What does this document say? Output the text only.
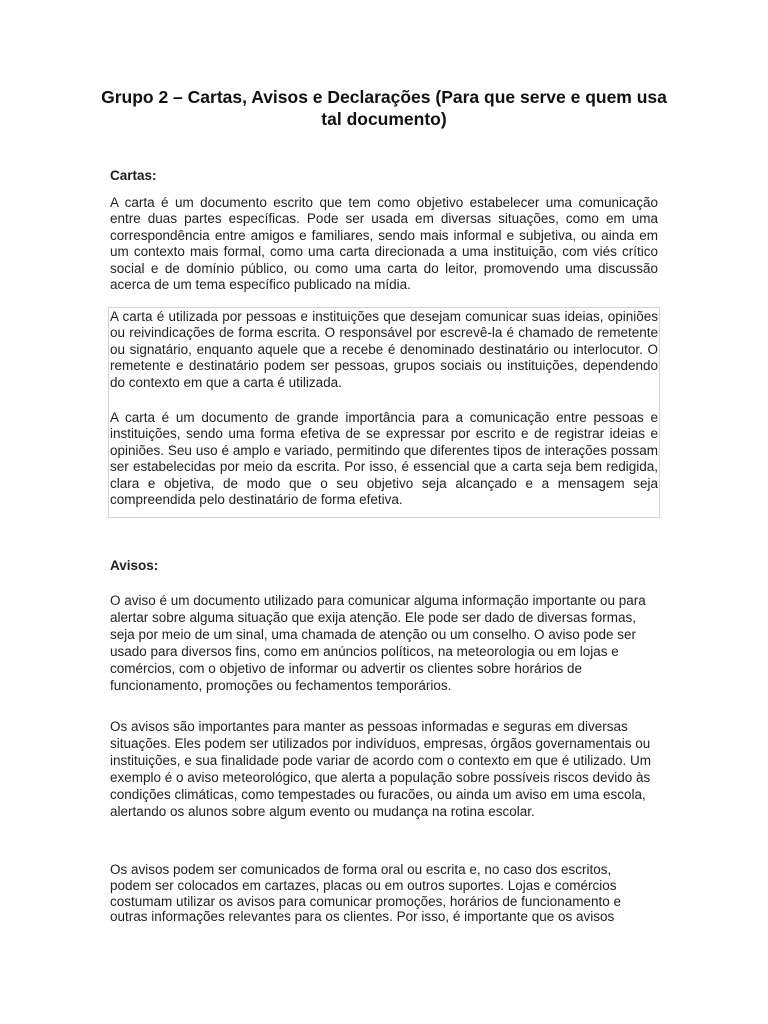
Grupo 2 – Cartas, Avisos e Declarações (Para que serve e quem usa tal documento)
Cartas:

A carta é um documento escrito que tem como objetivo estabelecer uma comunicação entre duas partes específicas. Pode ser usada em diversas situações, como em uma correspondência entre amigos e familiares, sendo mais informal e subjetiva, ou ainda em um contexto mais formal, como uma carta direcionada a uma instituição, com viés crítico social e de domínio público, ou como uma carta do leitor, promovendo uma discussão acerca de um tema específico publicado na mídia.

A carta é utilizada por pessoas e instituições que desejam comunicar suas ideias, opiniões ou reivindicações de forma escrita. O responsável por escrevê-la é chamado de remetente ou signatário, enquanto aquele que a recebe é denominado destinatário ou interlocutor. O remetente e destinatário podem ser pessoas, grupos sociais ou instituições, dependendo do contexto em que a carta é utilizada.

A carta é um documento de grande importância para a comunicação entre pessoas e instituições, sendo uma forma efetiva de se expressar por escrito e de registrar ideias e opiniões. Seu uso é amplo e variado, permitindo que diferentes tipos de interações possam ser estabelecidas por meio da escrita. Por isso, é essencial que a carta seja bem redigida, clara e objetiva, de modo que o seu objetivo seja alcançado e a mensagem seja compreendida pelo destinatário de forma efetiva.

Avisos:

O aviso é um documento utilizado para comunicar alguma informação importante ou para alertar sobre alguma situação que exija atenção. Ele pode ser dado de diversas formas, seja por meio de um sinal, uma chamada de atenção ou um conselho. O aviso pode ser usado para diversos fins, como em anúncios políticos, na meteorologia ou em lojas e comércios, com o objetivo de informar ou advertir os clientes sobre horários de funcionamento, promoções ou fechamentos temporários.

Os avisos são importantes para manter as pessoas informadas e seguras em diversas situações. Eles podem ser utilizados por indivíduos, empresas, órgãos governamentais ou instituições, e sua finalidade pode variar de acordo com o contexto em que é utilizado. Um exemplo é o aviso meteorológico, que alerta a população sobre possíveis riscos devido às condições climáticas, como tempestades ou furacões, ou ainda um aviso em uma escola, alertando os alunos sobre algum evento ou mudança na rotina escolar.

Os avisos podem ser comunicados de forma oral ou escrita e, no caso dos escritos, podem ser colocados em cartazes, placas ou em outros suportes. Lojas e comércios costumam utilizar os avisos para comunicar promoções, horários de funcionamento e outras informações relevantes para os clientes. Por isso, é importante que os avisos
